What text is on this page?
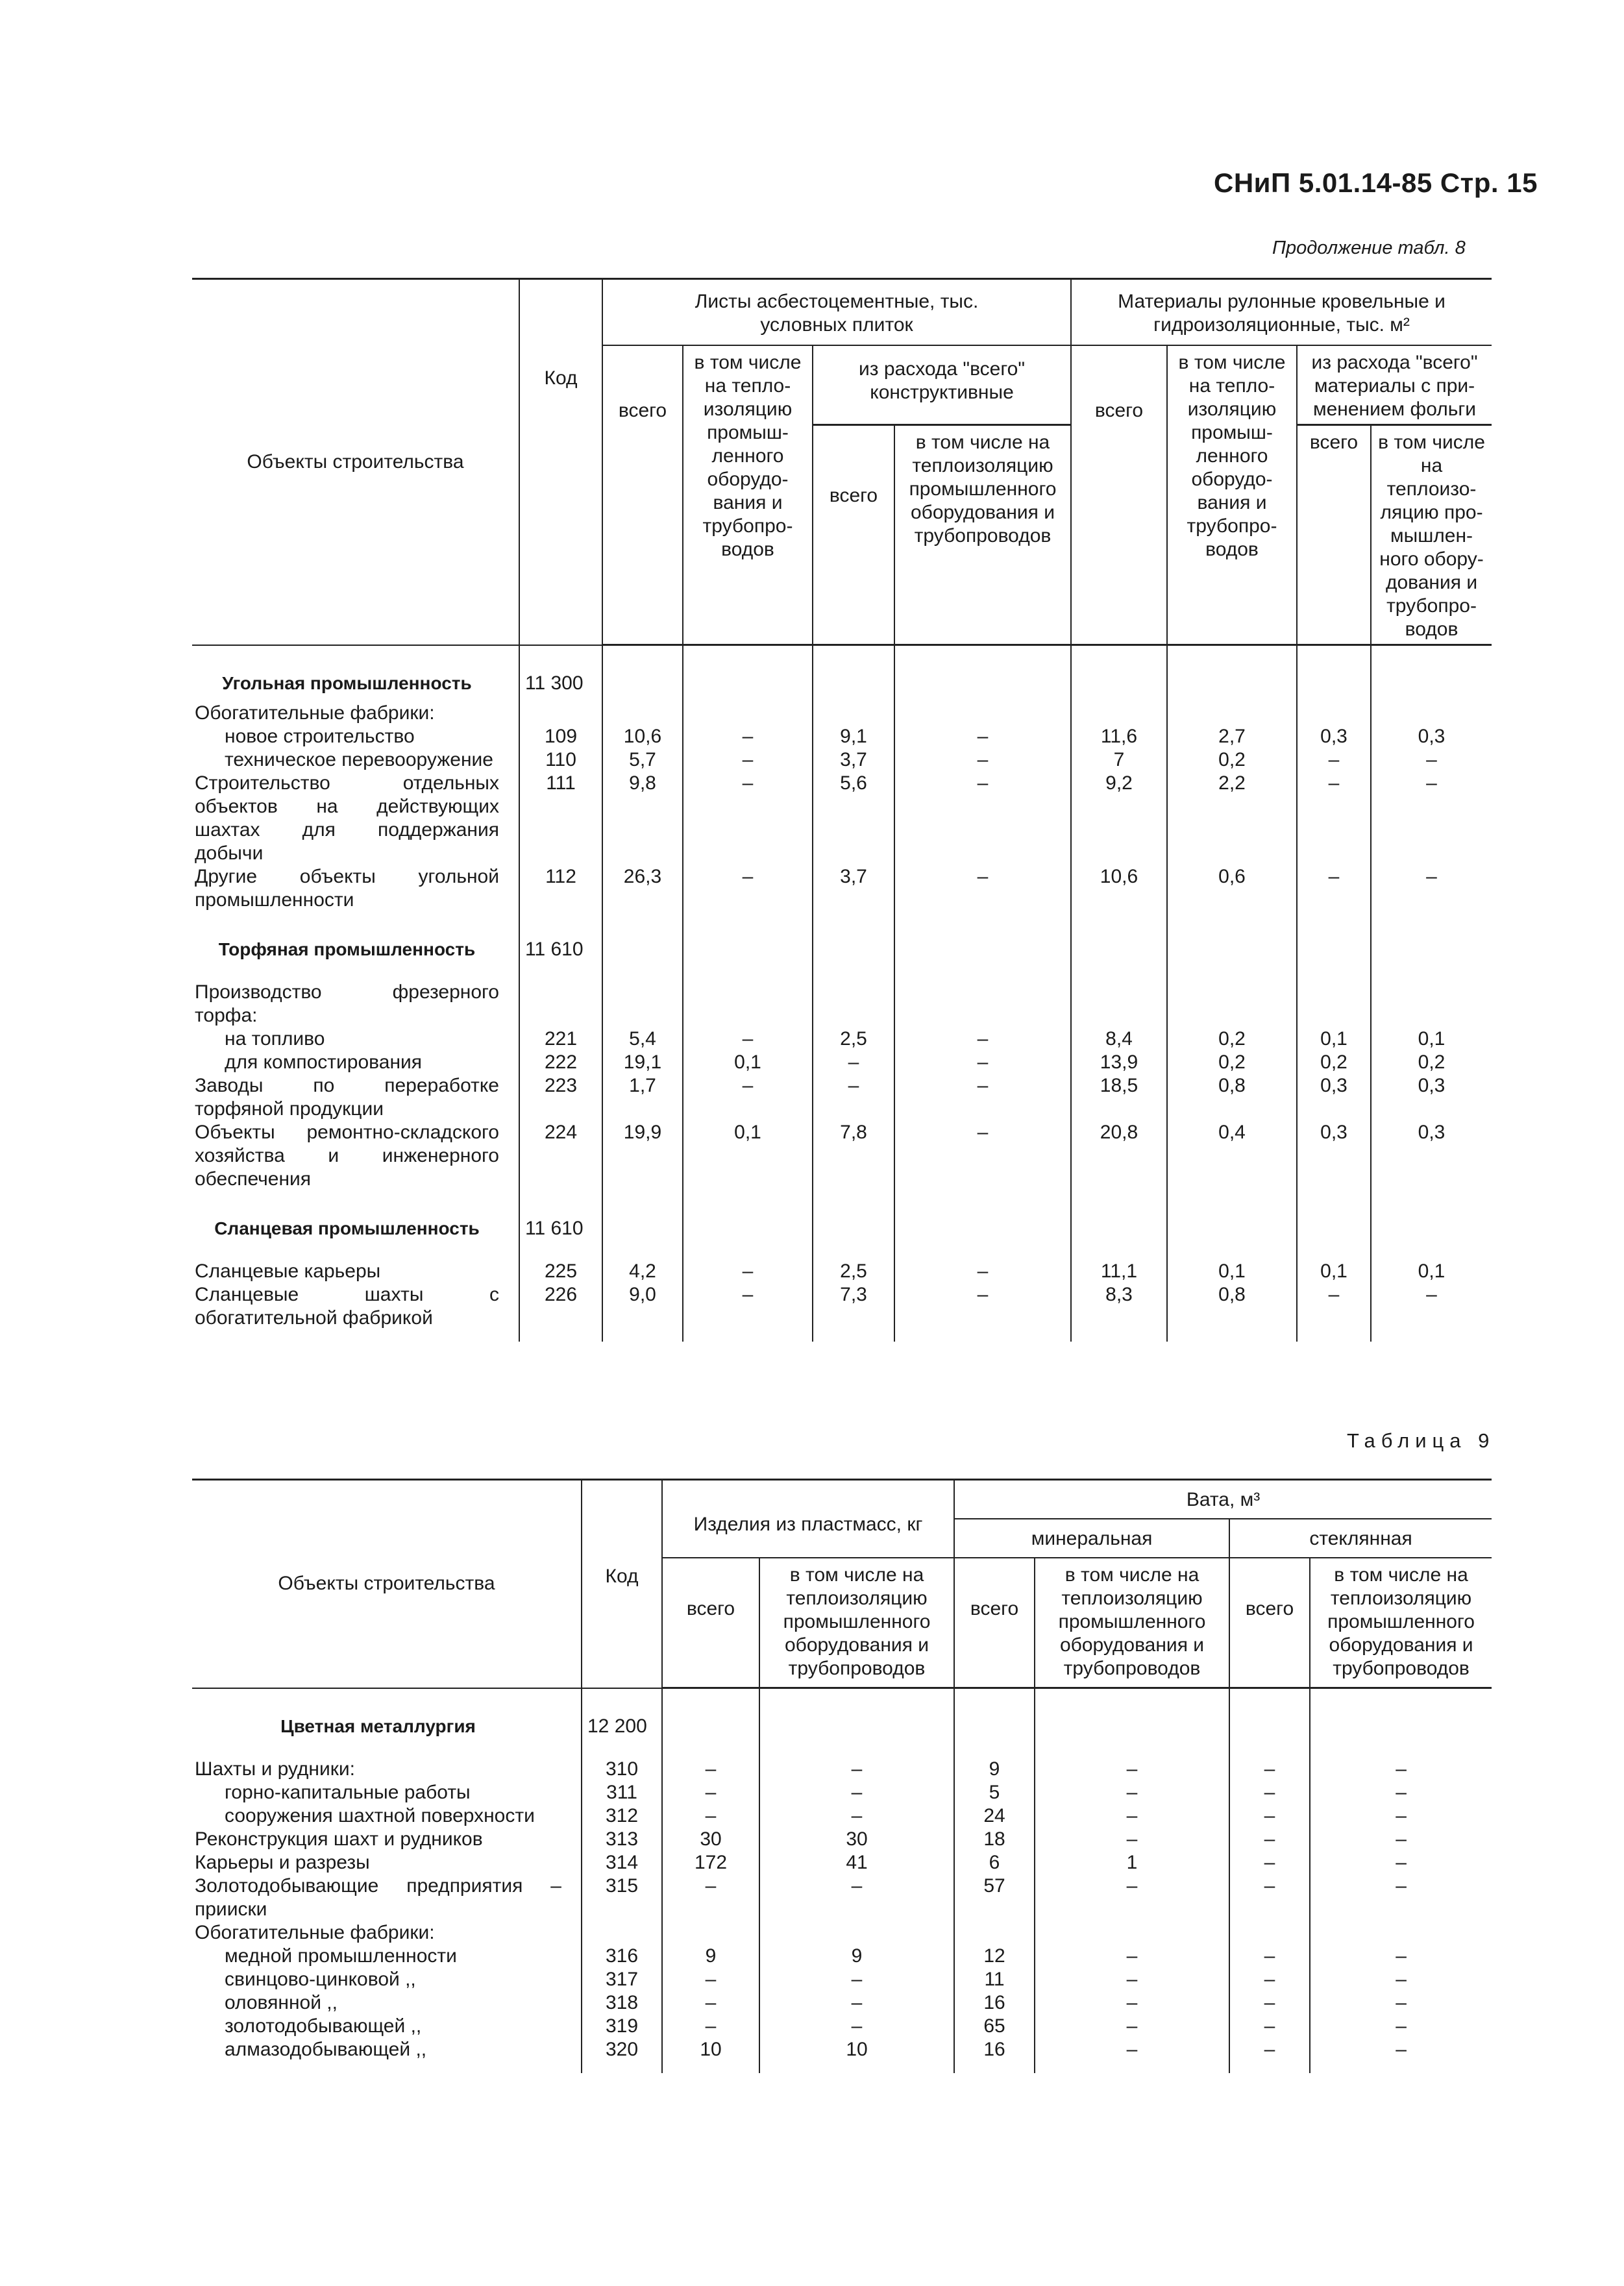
СНиП 5.01.14-85 Стр. 15
Продолжение табл. 8
Объекты строительства	Код	Листы асбестоцементные, тыс. условных плиток				Материалы рулонные кровельные и гидроизоляционные, тыс. м²			
		всего	в том числе на тепло-изоляцию промыш-ленного оборудо-вания и трубопро-водов	из расхода "всего" конструктивные		всего	в том числе на тепло-изоляцию промыш-ленного оборудо-вания и трубопро-водов	из расхода "всего" материалы с при-менением фольги	
				всего	в том числе на теплоизоляцию промышленного оборудования и трубопроводов			всего	в том числе на теплоизо-ляцию про-мышлен-ного обору-дования и трубопро-водов

Угольная промышленность	11 300								
Обогатительные фабрики:									
новое строительство	109	10,6	–	9,1	–	11,6	2,7	0,3	0,3
техническое перевооружение	110	5,7	–	3,7	–	7	0,2	–	–
Строительство отдельных объектов на действующих шахтах для поддержания добычи	111	9,8	–	5,6	–	9,2	2,2	–	–
Другие объекты угольной промышленности	112	26,3	–	3,7	–	10,6	0,6	–	–
Торфяная промышленность	11 610								
Производство фрезерного торфа:									
на топливо	221	5,4	–	2,5	–	8,4	0,2	0,1	0,1
для компостирования	222	19,1	0,1	–	–	13,9	0,2	0,2	0,2
Заводы по переработке торфяной продукции	223	1,7	–	–	–	18,5	0,8	0,3	0,3
Объекты ремонтно-складского хозяйства и инженерного обеспечения	224	19,9	0,1	7,8	–	20,8	0,4	0,3	0,3
Сланцевая промышленность	11 610								
Сланцевые карьеры	225	4,2	–	2,5	–	11,1	0,1	0,1	0,1
Сланцевые шахты с обогатительной фабрикой	226	9,0	–	7,3	–	8,3	0,8	–	–

Таблица 9
Объекты строительства	Код	Изделия из пластмасс, кг		Вата, м³			
				минеральная		стеклянная	
		всего	в том числе на теплоизоляцию промышленного оборудования и трубопроводов	всего	в том числе на теплоизоляцию промышленного оборудования и трубопроводов	всего	в том числе на теплоизоляцию промышленного оборудования и трубопроводов
Цветная металлургия	12 200						
Шахты и рудники:	310	–	–	9	–	–	–
горно-капитальные работы	311	–	–	5	–	–	–
сооружения шахтной поверхности	312	–	–	24	–	–	–
Реконструкция шахт и рудников	313	30	30	18	–	–	–
Карьеры и разрезы	314	172	41	6	1	–	–
Золотодобывающие предприятия – прииски	315	–	–	57	–	–	–
Обогатительные фабрики:							
медной промышленности	316	9	9	12	–	–	–
свинцово-цинковой ,,	317	–	–	11	–	–	–
оловянной ,,	318	–	–	16	–	–	–
золотодобывающей ,,	319	–	–	65	–	–	–
алмазодобывающей ,,	320	10	10	16	–	–	–
